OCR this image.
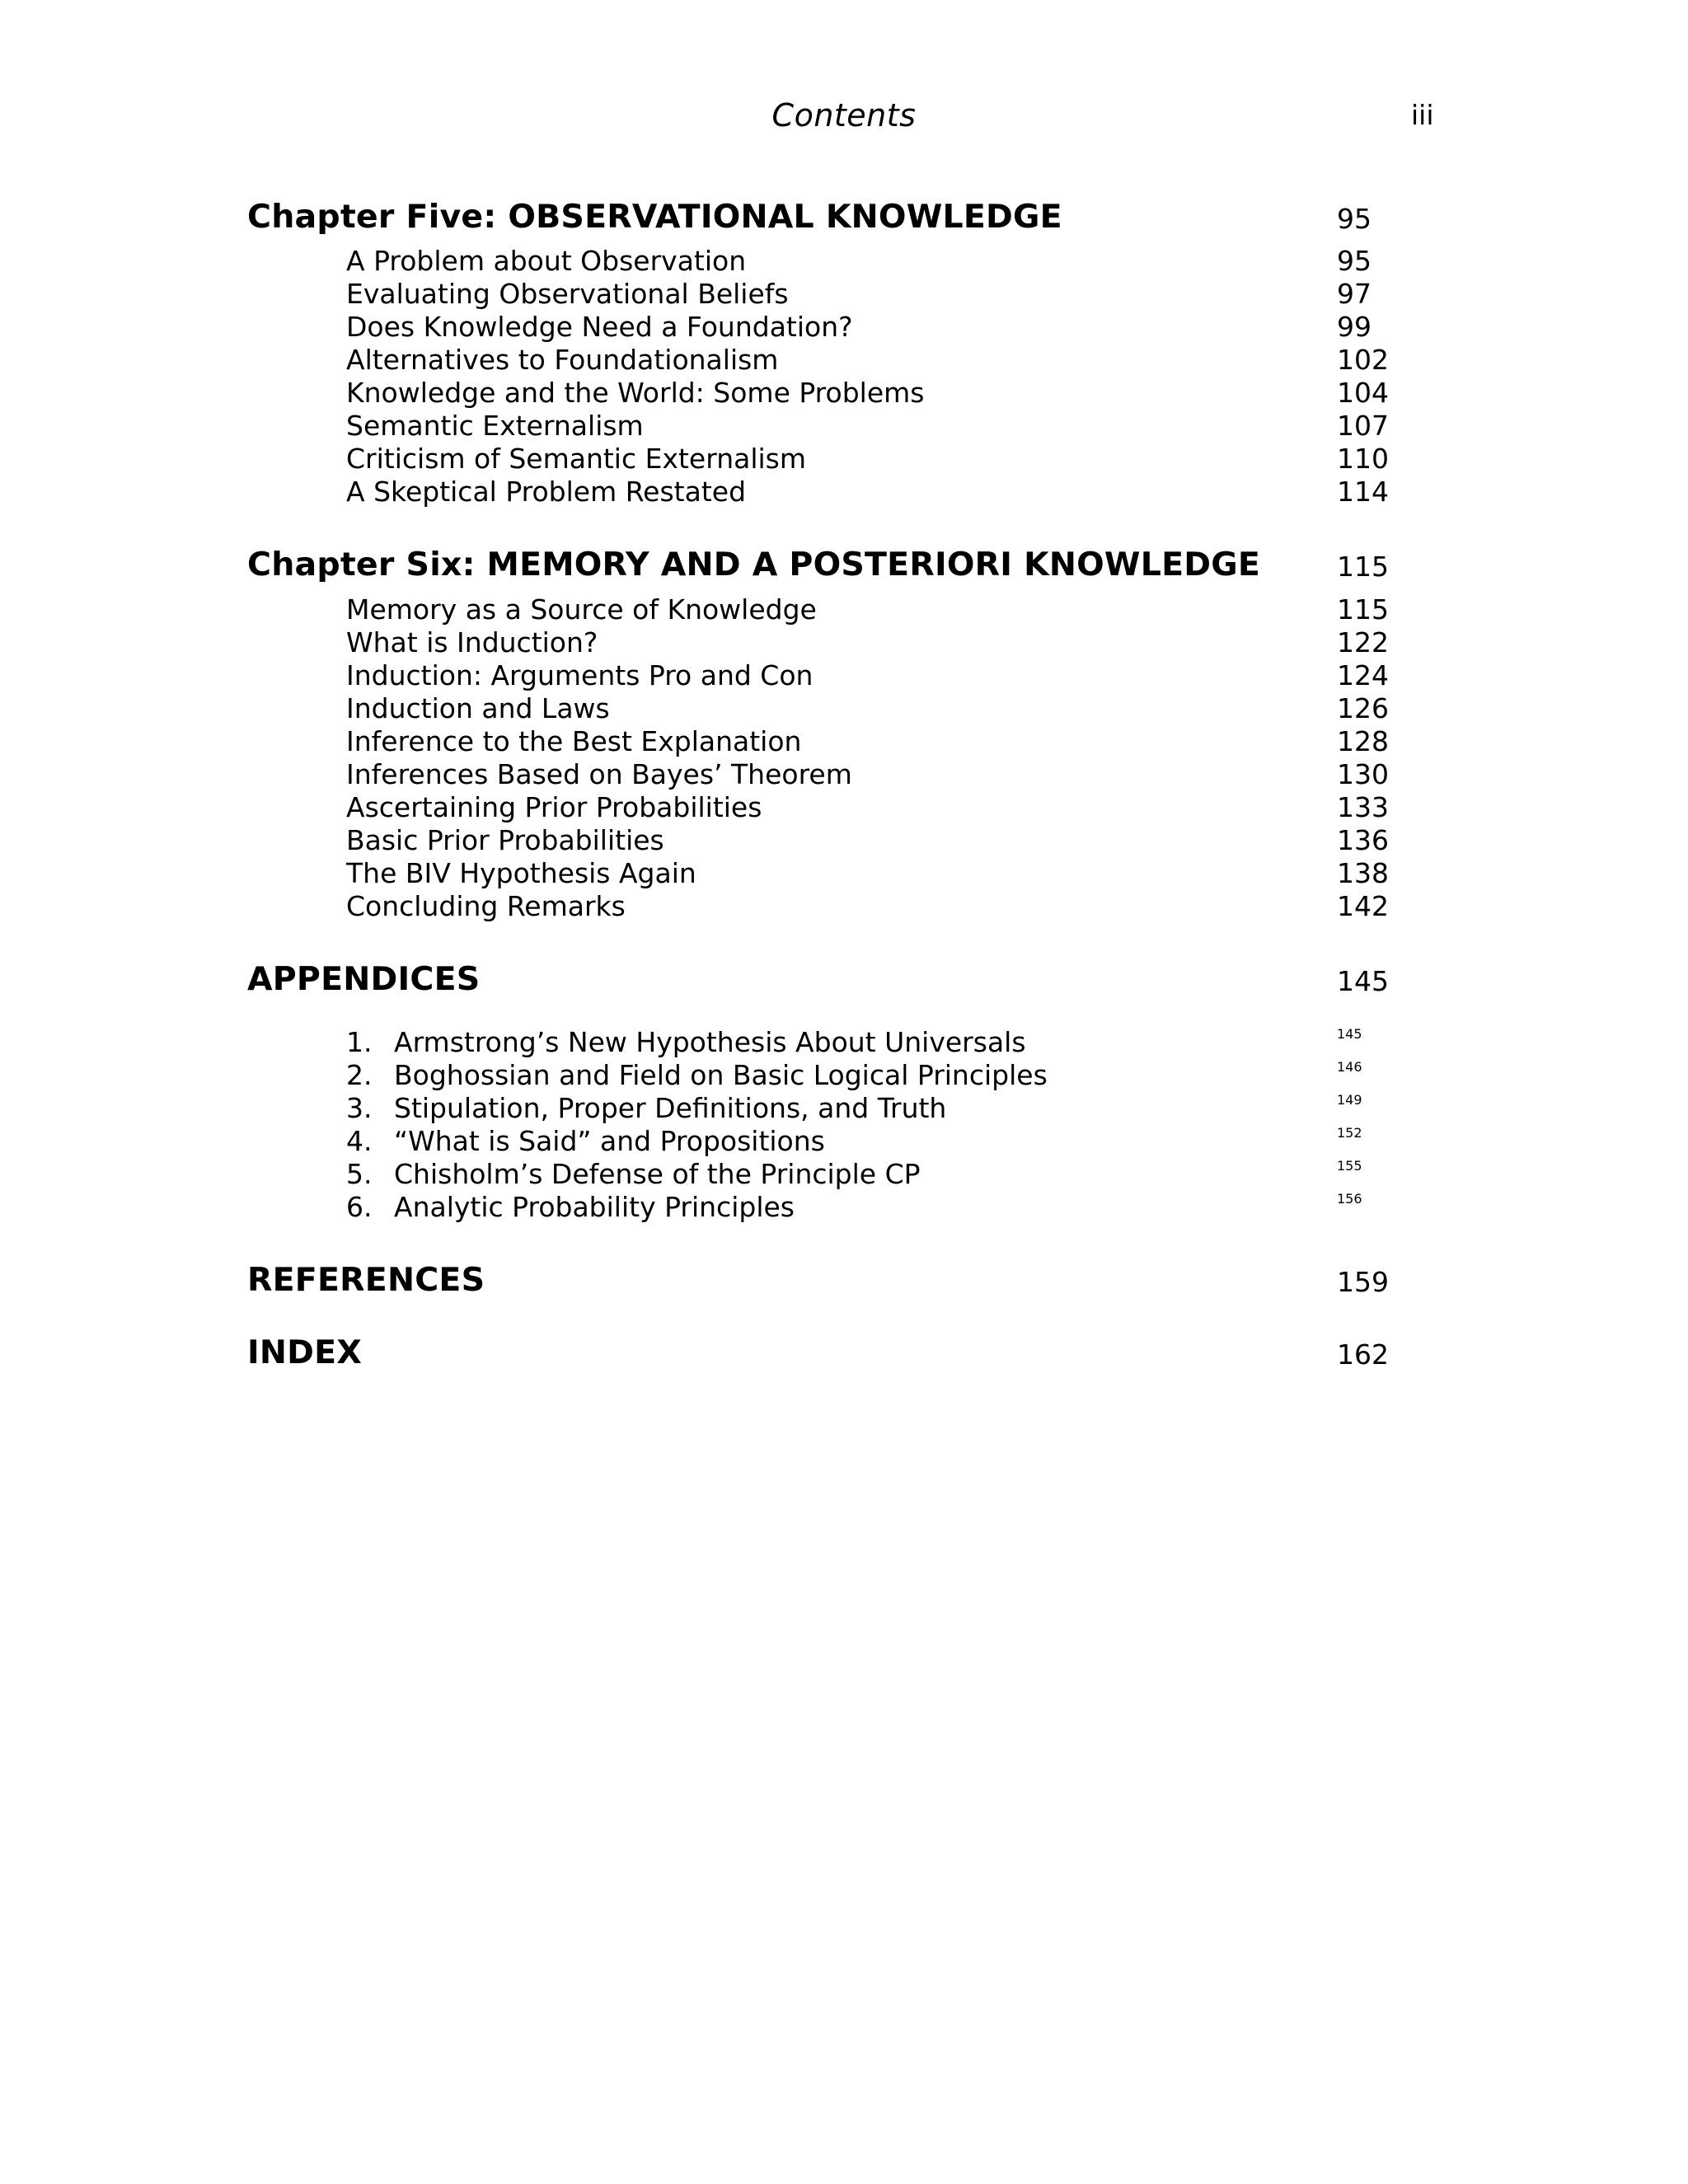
Contents	iii
Chapter Five: OBSERVATIONAL KNOWLEDGE	95
A Problem about Observation	95
Evaluating Observational Beliefs	97
Does Knowledge Need a Foundation?	99
Alternatives to Foundationalism	102
Knowledge and the World: Some Problems	104
Semantic Externalism	107
Criticism of Semantic Externalism	110
A Skeptical Problem Restated	114
Chapter Six: MEMORY AND A POSTERIORI KNOWLEDGE	115
Memory as a Source of Knowledge	115
What is Induction?	122
Induction: Arguments Pro and Con	124
Induction and Laws	126
Inference to the Best Explanation	128
Inferences Based on Bayes’ Theorem	130
Ascertaining Prior Probabilities	133
Basic Prior Probabilities	136
The BIV Hypothesis Again	138
Concluding Remarks	142
APPENDICES	145
1. Armstrong’s New Hypothesis About Universals	145
2. Boghossian and Field on Basic Logical Principles	146
3. Stipulation, Proper Definitions, and Truth	149
4. “What is Said” and Propositions	152
5. Chisholm’s Defense of the Principle CP	155
6. Analytic Probability Principles	156
REFERENCES	159
INDEX	162
